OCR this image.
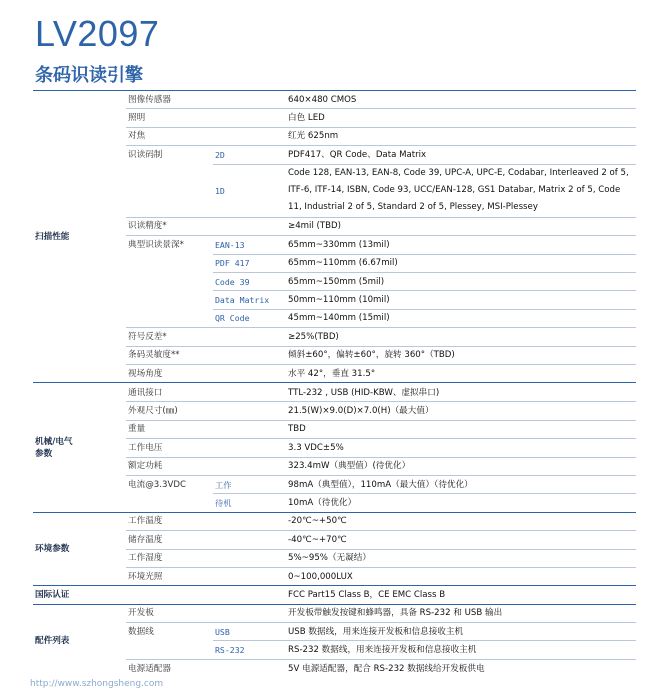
LV2097
条码识读引擎
扫描性能	图像传感器		640×480 CMOS
	照明		白色 LED
	对焦		红光 625nm
	识读码制	2D	PDF417、QR Code、Data Matrix
		1D	Code 128, EAN-13, EAN-8, Code 39, UPC-A, UPC-E, Codabar, Interleaved 2 of 5, ITF-6, ITF-14, ISBN, Code 93, UCC/EAN-128, GS1 Databar, Matrix 2 of 5, Code 11, Industrial 2 of 5, Standard 2 of 5, Plessey, MSI-Plessey
	识读精度*		≥4mil (TBD)
	典型识读景深*	EAN-13	65mm~330mm (13mil)
		PDF 417	65mm~110mm (6.67mil)
		Code 39	65mm~150mm (5mil)
		Data Matrix	50mm~110mm (10mil)
		QR Code	45mm~140mm (15mil)
	符号反差*		≥25%(TBD)
	条码灵敏度**		倾斜±60°，偏转±60°，旋转 360°（TBD)
	视场角度		水平 42°，垂直 31.5°
机械/电气
参数	通讯接口		TTL-232 , USB (HID-KBW、虚拟串口)
	外观尺寸(㎜)		21.5(W)×9.0(D)×7.0(H)（最大值）
	重量		TBD
	工作电压		3.3 VDC±5%
	额定功耗		323.4mW（典型值）(待优化）
	电流@3.3VDC	工作	98mA（典型值），110mA（最大值）（待优化）
		待机	10mA（待优化）
环境参数	工作温度		-20℃~+50℃
	储存温度		-40℃~+70℃
	工作湿度		5%~95%（无凝结）
	环境光照		0~100,000LUX
国际认证			FCC Part15 Class B，CE EMC Class B
配件列表	开发板		开发板带触发按键和蜂鸣器，具备 RS-232 和 USB 输出
	数据线	USB	USB 数据线，用来连接开发板和信息接收主机
		RS-232	RS-232 数据线，用来连接开发板和信息接收主机
	电源适配器		5V 电源适配器，配合 RS-232 数据线给开发板供电
http://www.szhongsheng.com
